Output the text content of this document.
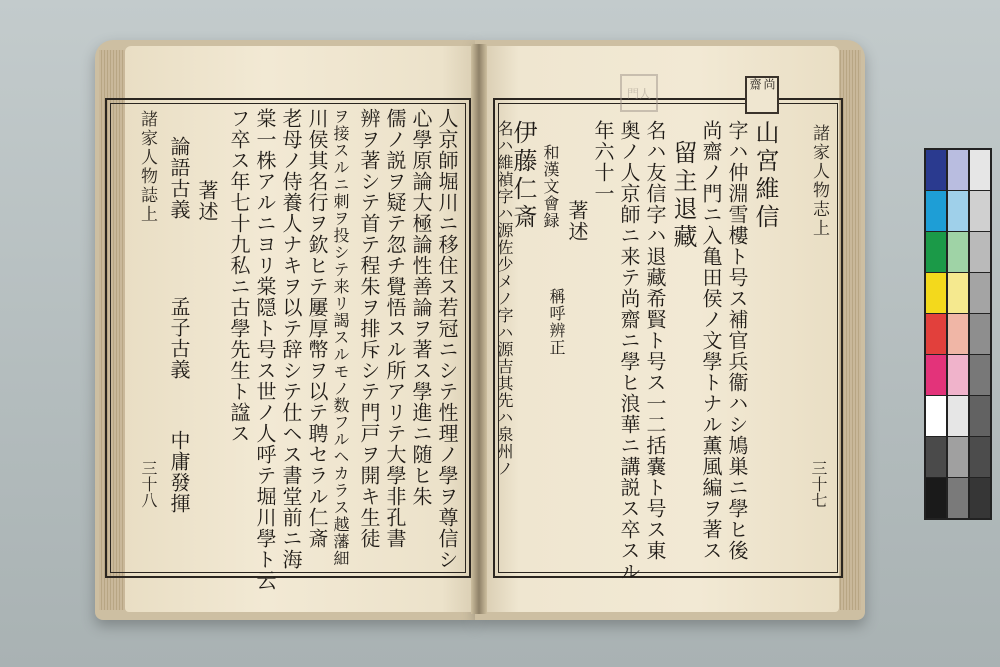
諸家人物誌上
三十八	人京師堀川ニ移住ス若冠ニシテ性理ノ學ヲ尊信シ
心學原論大極論性善論ヲ著ス學進ニ随ヒ朱
儒ノ説ヲ疑テ忽チ覺悟スル所アリテ大學非孔書
辨ヲ著シテ首テ程朱ヲ排斥シテ門戸ヲ開キ生徒
ヲ接スルニ刺ヲ投シテ来リ謁スルモノ数フルヘカラス越藩細
川侯其名行ヲ欽ヒテ屢厚幣ヲ以テ聘セラル仁斎
老母ノ侍養人ナキヲ以テ辞シテ仕ヘス書堂前ニ海
棠一株アルニヨリ棠隠ト号ス世ノ人呼テ堀川學ト云
フ卒ス年七十九私ニ古學先生ト諡ス
著述
論語古義
孟子古義
中庸發揮
諸家人物志上
三十七
尚
齋
門人
山宮維信
字ハ仲淵雪樓ト号ス補官兵衞ハシ鳩巣ニ學ヒ後
尚齋ノ門ニ入亀田侯ノ文學トナル薫風編ヲ著ス
留主退藏
名ハ友信字ハ退藏希賢ト号ス一二括嚢ト号ス東
奥ノ人京師ニ来テ尚齋ニ學ヒ浪華ニ講説ス卒スル
年六十一
著述
和漢文會録
稱呼辨正
伊藤仁斎
名ハ維禎字ハ源佐少メノ字ハ源吉其先ハ泉州ノ
